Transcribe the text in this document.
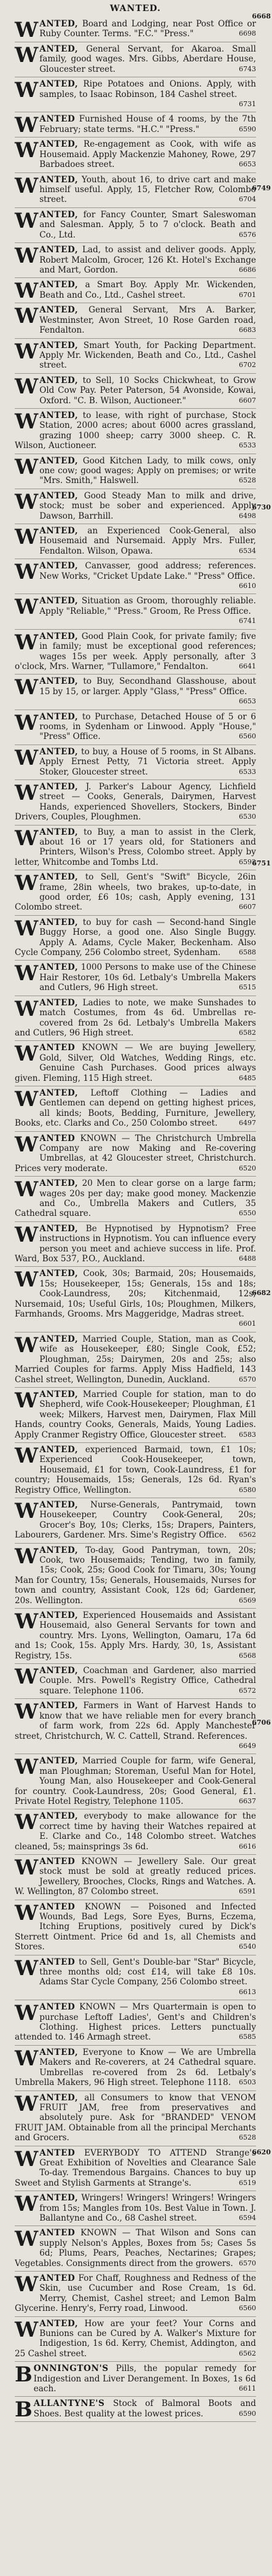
WANTED.
WANTED, Board and Lodging, near Post Office or Ruby Counter. Terms. "F.C." "Press."	6698
WANTED, General Servant, for Akaroa. Small family, good wages. Mrs. Gibbs, Aberdare House, Gloucester street.	6743
WANTED, Ripe Potatoes and Onions. Apply, with samples, to Isaac Robinson, 184 Cashel street.
6731
WANTED Furnished House of 4 rooms, by the 7th February; state terms. "H.C." "Press."	6590
WANTED, Re-engagement as Cook, with wife as Housemaid. Apply Mackenzie Mahoney, Rowe, 297 Barbadoes street.	6653
WANTED, Youth, about 16, to drive cart and make himself useful. Apply, 15, Fletcher Row, Colombo street.	6704
WANTED, for Fancy Counter, Smart Saleswoman and Salesman. Apply, 5 to 7 o'clock. Beath and Co., Ltd.	6576
WANTED, Lad, to assist and deliver goods. Apply, Robert Malcolm, Grocer, 126 Kt. Hotel's Exchange and Mart, Gordon.	6686
WANTED, a Smart Boy. Apply Mr. Wickenden, Beath and Co., Ltd., Cashel street.	6701
WANTED, General Servant, Mrs A. Barker, Westminster, Avon Street, 10 Rose Garden road, Fendalton.	6683
WANTED, Smart Youth, for Packing Department. Apply Mr. Wickenden, Beath and Co., Ltd., Cashel street.	6702
WANTED, to Sell, 10 Socks Chickwheat, to Grow Old Cow Pay. Peter Paterson, 54 Avonside, Kowai, Oxford. "C. B. Wilson, Auctioneer."	6607
WANTED, to lease, with right of purchase, Stock Station, 2000 acres; about 6000 acres grassland, grazing 1000 sheep; carry 3000 sheep. C. R. Wilson, Auctioneer.	6533
WANTED, Good Kitchen Lady, to milk cows, only one cow; good wages; Apply on premises; or write "Mrs. Smith," Halswell.	6528
WANTED, Good Steady Man to milk and drive, stock; must be sober and experienced. Apply Dawson, Barrhill.	6498
WANTED, an Experienced Cook-General, also Housemaid and Nursemaid. Apply Mrs. Fuller, Fendalton. Wilson, Opawa.	6534
WANTED, Canvasser, good address; references. New Works, "Cricket Update Lake." "Press" Office.
6610
WANTED, Situation as Groom, thoroughly reliable. Apply "Reliable," "Press." Groom, Re Press Office.
6741
WANTED, Good Plain Cook, for private family; five in family; must be exceptional good references; wages 15s per week. Apply personally, after 3 o'clock, Mrs. Warner, "Tullamore," Fendalton.	6641
WANTED, to Buy, Secondhand Glasshouse, about 15 by 15, or larger. Apply "Glass," "Press" Office.
6653
WANTED, to Purchase, Detached House of 5 or 6 rooms, in Sydenham or Linwood. Apply "House," "Press" Office.	6560
WANTED, to buy, a House of 5 rooms, in St Albans. Apply Ernest Petty, 71 Victoria street. Apply Stoker, Gloucester street.	6533
WANTED, J. Parker's Labour Agency, Lichfield street — Cooks, Generals, Dairymen, Harvest Hands, experienced Shovellers, Stockers, Binder Drivers, Couples, Ploughmen.	6530
WANTED, to Buy, a man to assist in the Clerk, about 16 or 17 years old, for Stationers and Printers, Wilson's Press, Colombo street. Apply by letter, Whitcombe and Tombs Ltd.	6592
WANTED, to Sell, Gent's "Swift" Bicycle, 26in frame, 28in wheels, two brakes, up-to-date, in good order, £6 10s; cash, Apply evening, 131 Colombo street.	6607
WANTED, to buy for cash — Second-hand Single Buggy Horse, a good one. Also Single Buggy. Apply A. Adams, Cycle Maker, Beckenham. Also Cycle Company, 256 Colombo street, Sydenham.	6588
WANTED, 1000 Persons to make use of the Chinese Hair Restorer, 10s 6d. Letbaly's Umbrella Makers and Cutlers, 96 High street.	6515
WANTED, Ladies to note, we make Sunshades to match Costumes, from 4s 6d. Umbrellas re-covered from 2s 6d. Letbaly's Umbrella Makers and Cutlers, 96 High street.	6582
WANTED KNOWN — We are buying Jewellery, Gold, Silver, Old Watches, Wedding Rings, etc. Genuine Cash Purchases. Good prices always given. Fleming, 115 High street.	6485
WANTED, Leftoff Clothing — Ladies and Gentlemen can depend on getting highest prices, all kinds; Boots, Bedding, Furniture, Jewellery, Books, etc. Clarks and Co., 250 Colombo street.	6497
WANTED KNOWN — The Christchurch Umbrella Company are now Making and Re-covering Umbrellas, at 42 Gloucester street, Christchurch. Prices very moderate.	6520
WANTED, 20 Men to clear gorse on a large farm; wages 20s per day; make good money. Mackenzie and Co., Umbrella Makers and Cutlers, 35 Cathedral square.	6550
WANTED, Be Hypnotised by Hypnotism? Free instructions in Hypnotism. You can influence every person you meet and achieve success in life. Prof. Ward, Box 537, P.O., Auckland.	6488
WANTED, Cook, 30s; Barmaid, 20s; Housemaids, 15s; Housekeeper, 15s; Generals, 15s and 18s; Cook-Laundress, 20s; Kitchenmaid, 12s; Nursemaid, 10s; Useful Girls, 10s; Ploughmen, Milkers, Farmhands, Grooms. Mrs Maggeridge, Madras street.
6601
WANTED, Married Couple, Station, man as Cook, wife as Housekeeper, £80; Single Cook, £52; Ploughman, 25s; Dairymen, 20s and 25s; also Married Couples for farms. Apply Miss Hadfield, 143 Cashel street, Wellington, Dunedin, Auckland.	6570
WANTED, Married Couple for station, man to do Shepherd, wife Cook-Housekeeper; Ploughman, £1 week; Milkers, Harvest men, Dairymen, Flax Mill Hands, country Cooks, Generals, Maids, Young Ladies. Apply Cranmer Registry Office, Gloucester street. 6583
WANTED, experienced Barmaid, town, £1 10s; Experienced Cook-Housekeeper, town, Housemaid, £1 for town, Cook-Laundress, £1 for country; Housemaids, 15s; Generals, 12s 6d. Ryan's Registry Office, Wellington.	6580
WANTED, Nurse-Generals, Pantrymaid, town Housekeeper, Country Cook-General, 20s; Grocer's Boy, 10s; Clerks, 15s; Drapers, Painters, Labourers, Gardener. Mrs. Sime's Registry Office. 6562
WANTED, To-day, Good Pantryman, town, 20s; Cook, two Housemaids; Tending, two in family, 15s; Cook, 25s; Good Cook for Timaru, 30s; Young Man for Country, 15s; Generals, Housemaids, Nurses for town and country, Assistant Cook, 12s 6d; Gardener, 20s. Wellington.	6569
WANTED, Experienced Housemaids and Assistant Housemaid, also General Servants for town and country. Mrs. Lyons, Wellington, Oamaru, 17a 6d and 1s; Cook, 15s. Apply Mrs. Hardy, 30, 1s, Assistant Registry, 15s.	6568
WANTED, Coachman and Gardener, also married Couple. Mrs. Powell's Registry Office, Cathedral square. Telephone 1106.	6572
WANTED, Farmers in Want of Harvest Hands to know that we have reliable men for every branch of farm work, from 22s 6d. Apply Manchester street, Christchurch, W. C. Cattell, Strand. References.
6649
WANTED, Married Couple for farm, wife General, man Ploughman; Storeman, Useful Man for Hotel, Young Man, also Housekeeper and Cook-General for country. Cook-Laundress, 20s; Good General, £1. Private Hotel Registry, Telephone 1105.	6637
WANTED, everybody to make allowance for the correct time by having their Watches repaired at E. Clarke and Co., 148 Colombo street. Watches cleaned, 5s; mainsprings 3s 6d.	6616
WANTED KNOWN — Jewellery Sale. Our great stock must be sold at greatly reduced prices. Jewellery, Brooches, Clocks, Rings and Watches. A. W. Wellington, 87 Colombo street.	6591
WANTED KNOWN — Poisoned and Infected Wounds, Bad Legs, Sore Eyes, Burns, Eczema, Itching Eruptions, positively cured by Dick's Sterrett Ointment. Price 6d and 1s, all Chemists and Stores.	6540
WANTED to Sell, Gent's Double-bar "Star" Bicycle, three months old; cost £14, will take £8 10s. Adams Star Cycle Company, 256 Colombo street.
6613
WANTED KNOWN — Mrs Quartermain is open to purchase Leftoff Ladies', Gent's and Children's Clothing. Highest prices. Letters punctually attended to. 146 Armagh street.	6585
WANTED, Everyone to Know — We are Umbrella Makers and Re-coverers, at 24 Cathedral square. Umbrellas re-covered from 2s 6d. Letbaly's Umbrella Makers, 96 High street. Telephone 1118. 6503
WANTED, all Consumers to know that VENOM FRUIT JAM, free from preservatives and absolutely pure. Ask for "BRANDED" VENOM FRUIT JAM. Obtainable from all the principal Merchants and Grocers.	6528
WANTED EVERYBODY TO ATTEND Strange's Great Exhibition of Novelties and Clearance Sale To-day. Tremendous Bargains. Chances to buy up Sweet and Stylish Garments at Strange's.	6519
WANTED, Wringers! Wringers! Wringers! Wringers from 15s; Mangles from 10s. Best Value in Town. J. Ballantyne and Co., 68 Cashel street.	6594
WANTED KNOWN — That Wilson and Sons can supply Nelson's Apples, Boxes from 5s; Cases 5s 6d; Plums, Pears, Peaches, Nectarines; Grapes; Vegetables. Consignments direct from the growers. 6570
WANTED For Chaff, Roughness and Redness of the Skin, use Cucumber and Rose Cream, 1s 6d. Merry, Chemist, Cashel street; and Lemon Balm Glycerine. Henry's, Ferry road, Linwood.	6560
WANTED, How are your feet? Your Corns and Bunions can be Cured by A. Walker's Mixture for Indigestion, 1s 6d. Kerry, Chemist, Addington, and 25 Cashel street.	6562
BONNINGTON'S Pills, the popular remedy for Indigestion and Liver Derangement. In Boxes, 1s 6d each.	6611
BALLANTYNE'S Stock of Balmoral Boots and Shoes. Best quality at the lowest prices.	6590
6668
6749
6730
6751
6682
6706
6620
